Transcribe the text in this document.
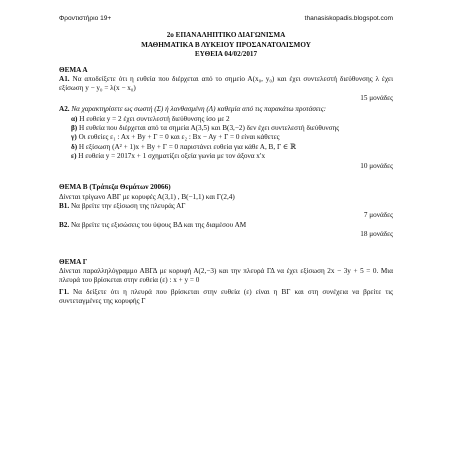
Φροντιστήριο 19+	thanasiskopadis.blogspot.com

2ο ΕΠΑΝΑΛΗΠΤΙΚΟ ΔΙΑΓΩΝΙΣΜΑ

ΜΑΘΗΜΑΤΙΚΑ Β ΛΥΚΕΙΟΥ ΠΡΟΣΑΝΑΤΟΛΙΣΜΟΥ

ΕΥΘΕΙΑ 04/02/2017

ΘΕΜΑ Α

Α1. Να αποδείξετε ότι η ευθεία που διέρχεται από το σημείο Α(x₀, y₀) και έχει συντελεστή διεύθυνσης λ έχει εξίσωση y − y₀ = λ(x − x₀)

15 μονάδες

Α2. Να χαρακτηρίσετε ως σωστή (Σ) ή λανθασμένη (Λ) καθεμία από τις παρακάτω προτάσεις:

α) Η ευθεία y = 2 έχει συντελεστή διεύθυνσης ίσο με 2

β) Η ευθεία που διέρχεται από τα σημεία Α(3,5) και Β(3,−2) δεν έχει συντελεστή διεύθυνσης

γ) Οι ευθείες ε₁ : Αx + By + Γ = 0 και ε₂ : Bx − Ay + Γ = 0 είναι κάθετες

δ) Η εξίσωση (Α² + 1)x + By + Γ = 0 παριστάνει ευθεία για κάθε Α, Β, Γ ∈ ℝ

ε) Η ευθεία y = 2017x + 1 σχηματίζει οξεία γωνία με τον άξονα x′x

10 μονάδες

ΘΕΜΑ Β (Τράπεζα Θεμάτων 20066)

Δίνεται τρίγωνο ΑΒΓ με κορυφές Α(3,1) , Β(−1,1) και Γ(2,4)

Β1. Να βρείτε την εξίσωση της πλευράς ΑΓ

7 μονάδες

Β2. Να βρείτε τις εξισώσεις του ύψους ΒΔ και της διαμέσου ΑΜ

18 μονάδες

ΘΕΜΑ Γ

Δίνεται παραλληλόγραμμο ΑΒΓΔ με κορυφή Α(2,−3) και την πλευρά ΓΔ να έχει εξίσωση 2x − 3y + 5 = 0. Μια πλευρά του βρίσκεται στην ευθεία (ε) : x + y = 0

Γ1. Να δείξετε ότι η πλευρά που βρίσκεται στην ευθεία (ε) είναι η ΒΓ και στη συνέχεια να βρείτε τις συντεταγμένες της κορυφής Γ
